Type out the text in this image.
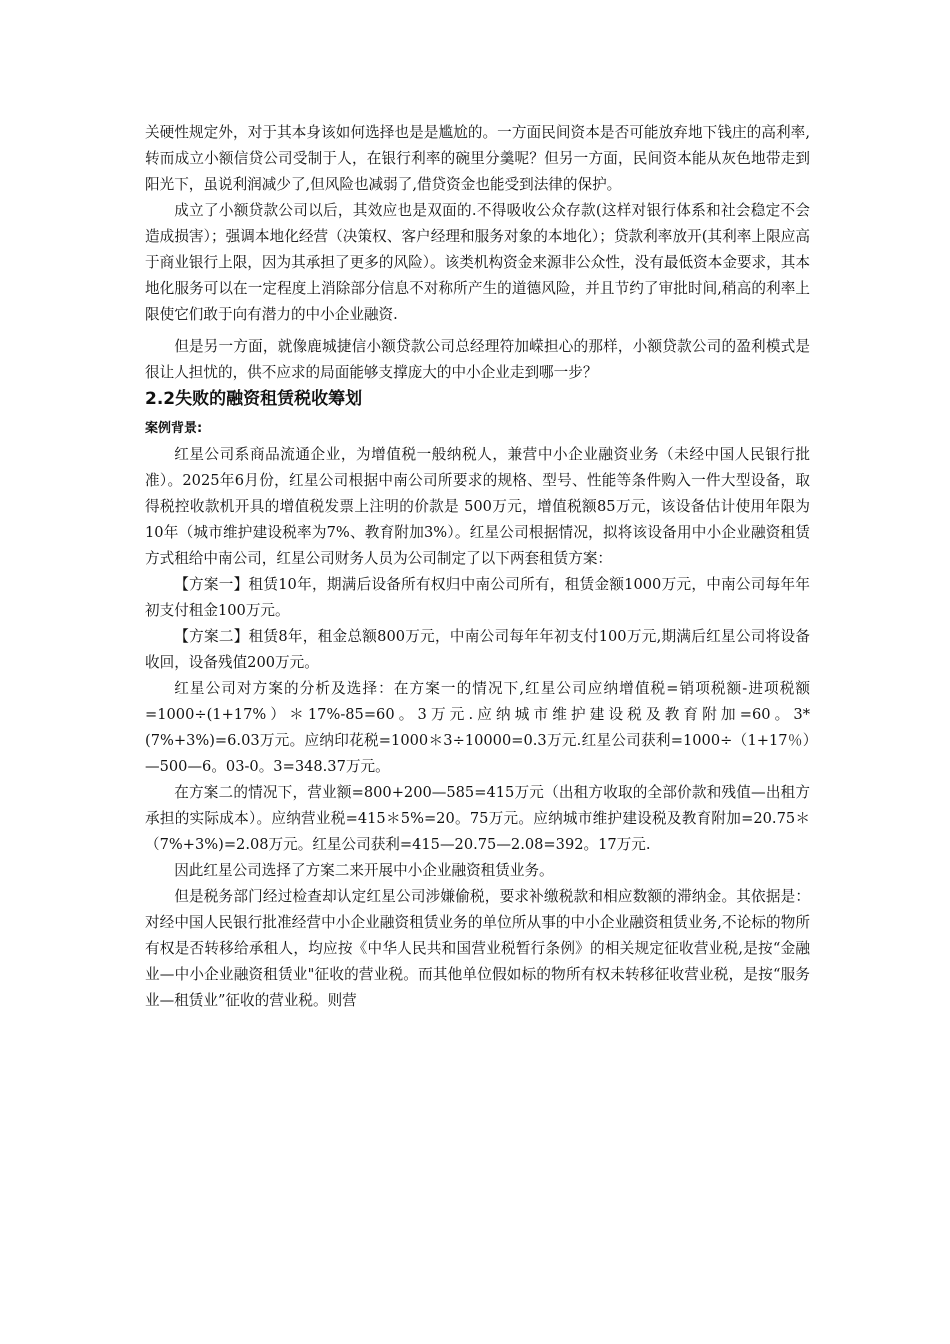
关硬性规定外，对于其本身该如何选择也是是尴尬的。一方面民间资本是否可能放弃地下钱庄的高利率,转而成立小额信贷公司受制于人，在银行利率的碗里分羹呢？但另一方面，民间资本能从灰色地带走到阳光下，虽说利润减少了,但风险也减弱了,借贷资金也能受到法律的保护。

成立了小额贷款公司以后，其效应也是双面的.不得吸收公众存款(这样对银行体系和社会稳定不会造成损害）；强调本地化经营（决策权、客户经理和服务对象的本地化）；贷款利率放开(其利率上限应高于商业银行上限，因为其承担了更多的风险）。该类机构资金来源非公众性，没有最低资本金要求，其本地化服务可以在一定程度上消除部分信息不对称所产生的道德风险，并且节约了审批时间,稍高的利率上限使它们敢于向有潜力的中小企业融资.

但是另一方面，就像鹿城捷信小额贷款公司总经理符加嵘担心的那样，小额贷款公司的盈利模式是很让人担忧的，供不应求的局面能够支撑庞大的中小企业走到哪一步？

2.2失败的融资租赁税收筹划
案例背景:

红星公司系商品流通企业，为增值税一般纳税人，兼营中小企业融资业务（未经中国人民银行批准）。2025年6月份，红星公司根据中南公司所要求的规格、型号、性能等条件购入一件大型设备，取得税控收款机开具的增值税发票上注明的价款是 500万元，增值税额85万元，该设备估计使用年限为10年（城市维护建设税率为7%、教育附加3%）。红星公司根据情况，拟将该设备用中小企业融资租赁方式租给中南公司，红星公司财务人员为公司制定了以下两套租赁方案：

【方案一】租赁10年，期满后设备所有权归中南公司所有，租赁金额1000万元，中南公司每年年初支付租金100万元。

【方案二】租赁8年，租金总额800万元，中南公司每年年初支付100万元,期满后红星公司将设备收回，设备残值200万元。

红星公司对方案的分析及选择：在方案一的情况下,红星公司应纳增值税=销项税额-进项税额=1000÷(1+17%）＊17%-85=60。3万元.应纳城市维护建设税及教育附加=60。3*(7%+3%)=6.03万元。应纳印花税=1000＊3÷10000=0.3万元.红星公司获利=1000÷（1+17％）—500—6。03-0。3=348.37万元。

在方案二的情况下，营业额=800+200—585=415万元（出租方收取的全部价款和残值—出租方承担的实际成本）。应纳营业税=415＊5%=20。75万元。应纳城市维护建设税及教育附加=20.75＊（7%+3%)=2.08万元。红星公司获利=415—20.75—2.08=392。17万元.

因此红星公司选择了方案二来开展中小企业融资租赁业务。

但是税务部门经过检查却认定红星公司涉嫌偷税，要求补缴税款和相应数额的滞纳金。其依据是：对经中国人民银行批准经营中小企业融资租赁业务的单位所从事的中小企业融资租赁业务,不论标的物所有权是否转移给承租人，均应按《中华人民共和国营业税暂行条例》的相关规定征收营业税,是按“金融业—中小企业融资租赁业"征收的营业税。而其他单位假如标的物所有权未转移征收营业税，是按“服务业—租赁业”征收的营业税。则营
